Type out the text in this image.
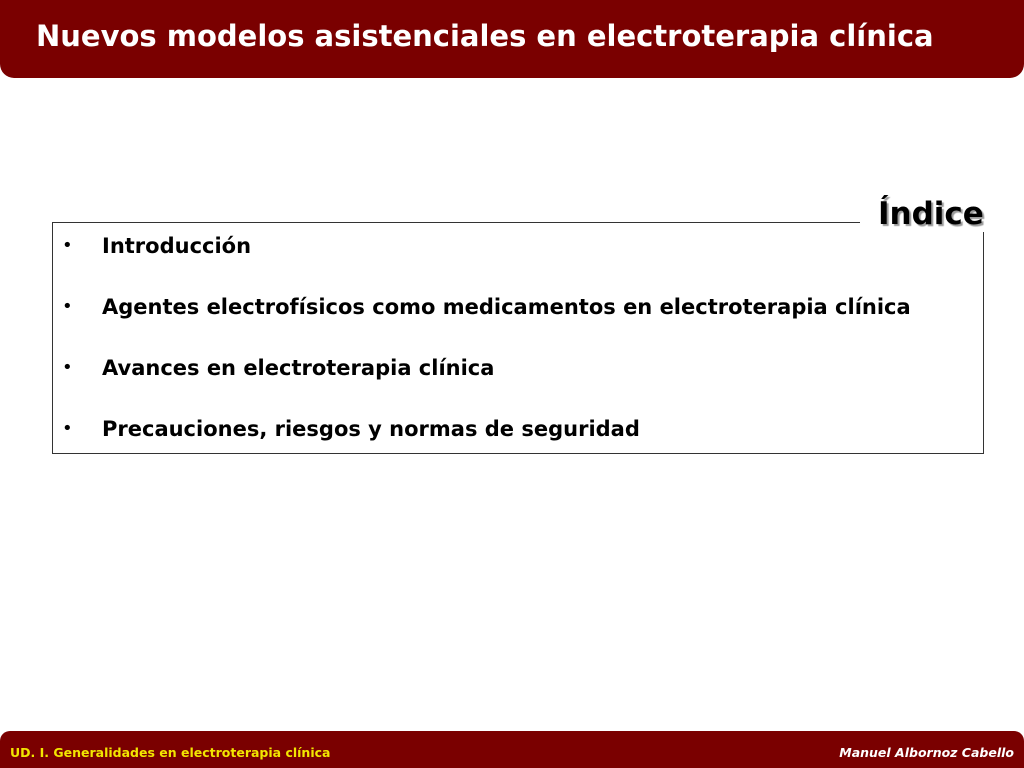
Nuevos modelos asistenciales en electroterapia clínica
Índice
•	Introducción
•	Agentes electrofísicos como medicamentos en electroterapia clínica
•	Avances en electroterapia clínica
•	Precauciones, riesgos y normas de seguridad
UD. I. Generalidades en electroterapia clínica	Manuel Albornoz Cabello
